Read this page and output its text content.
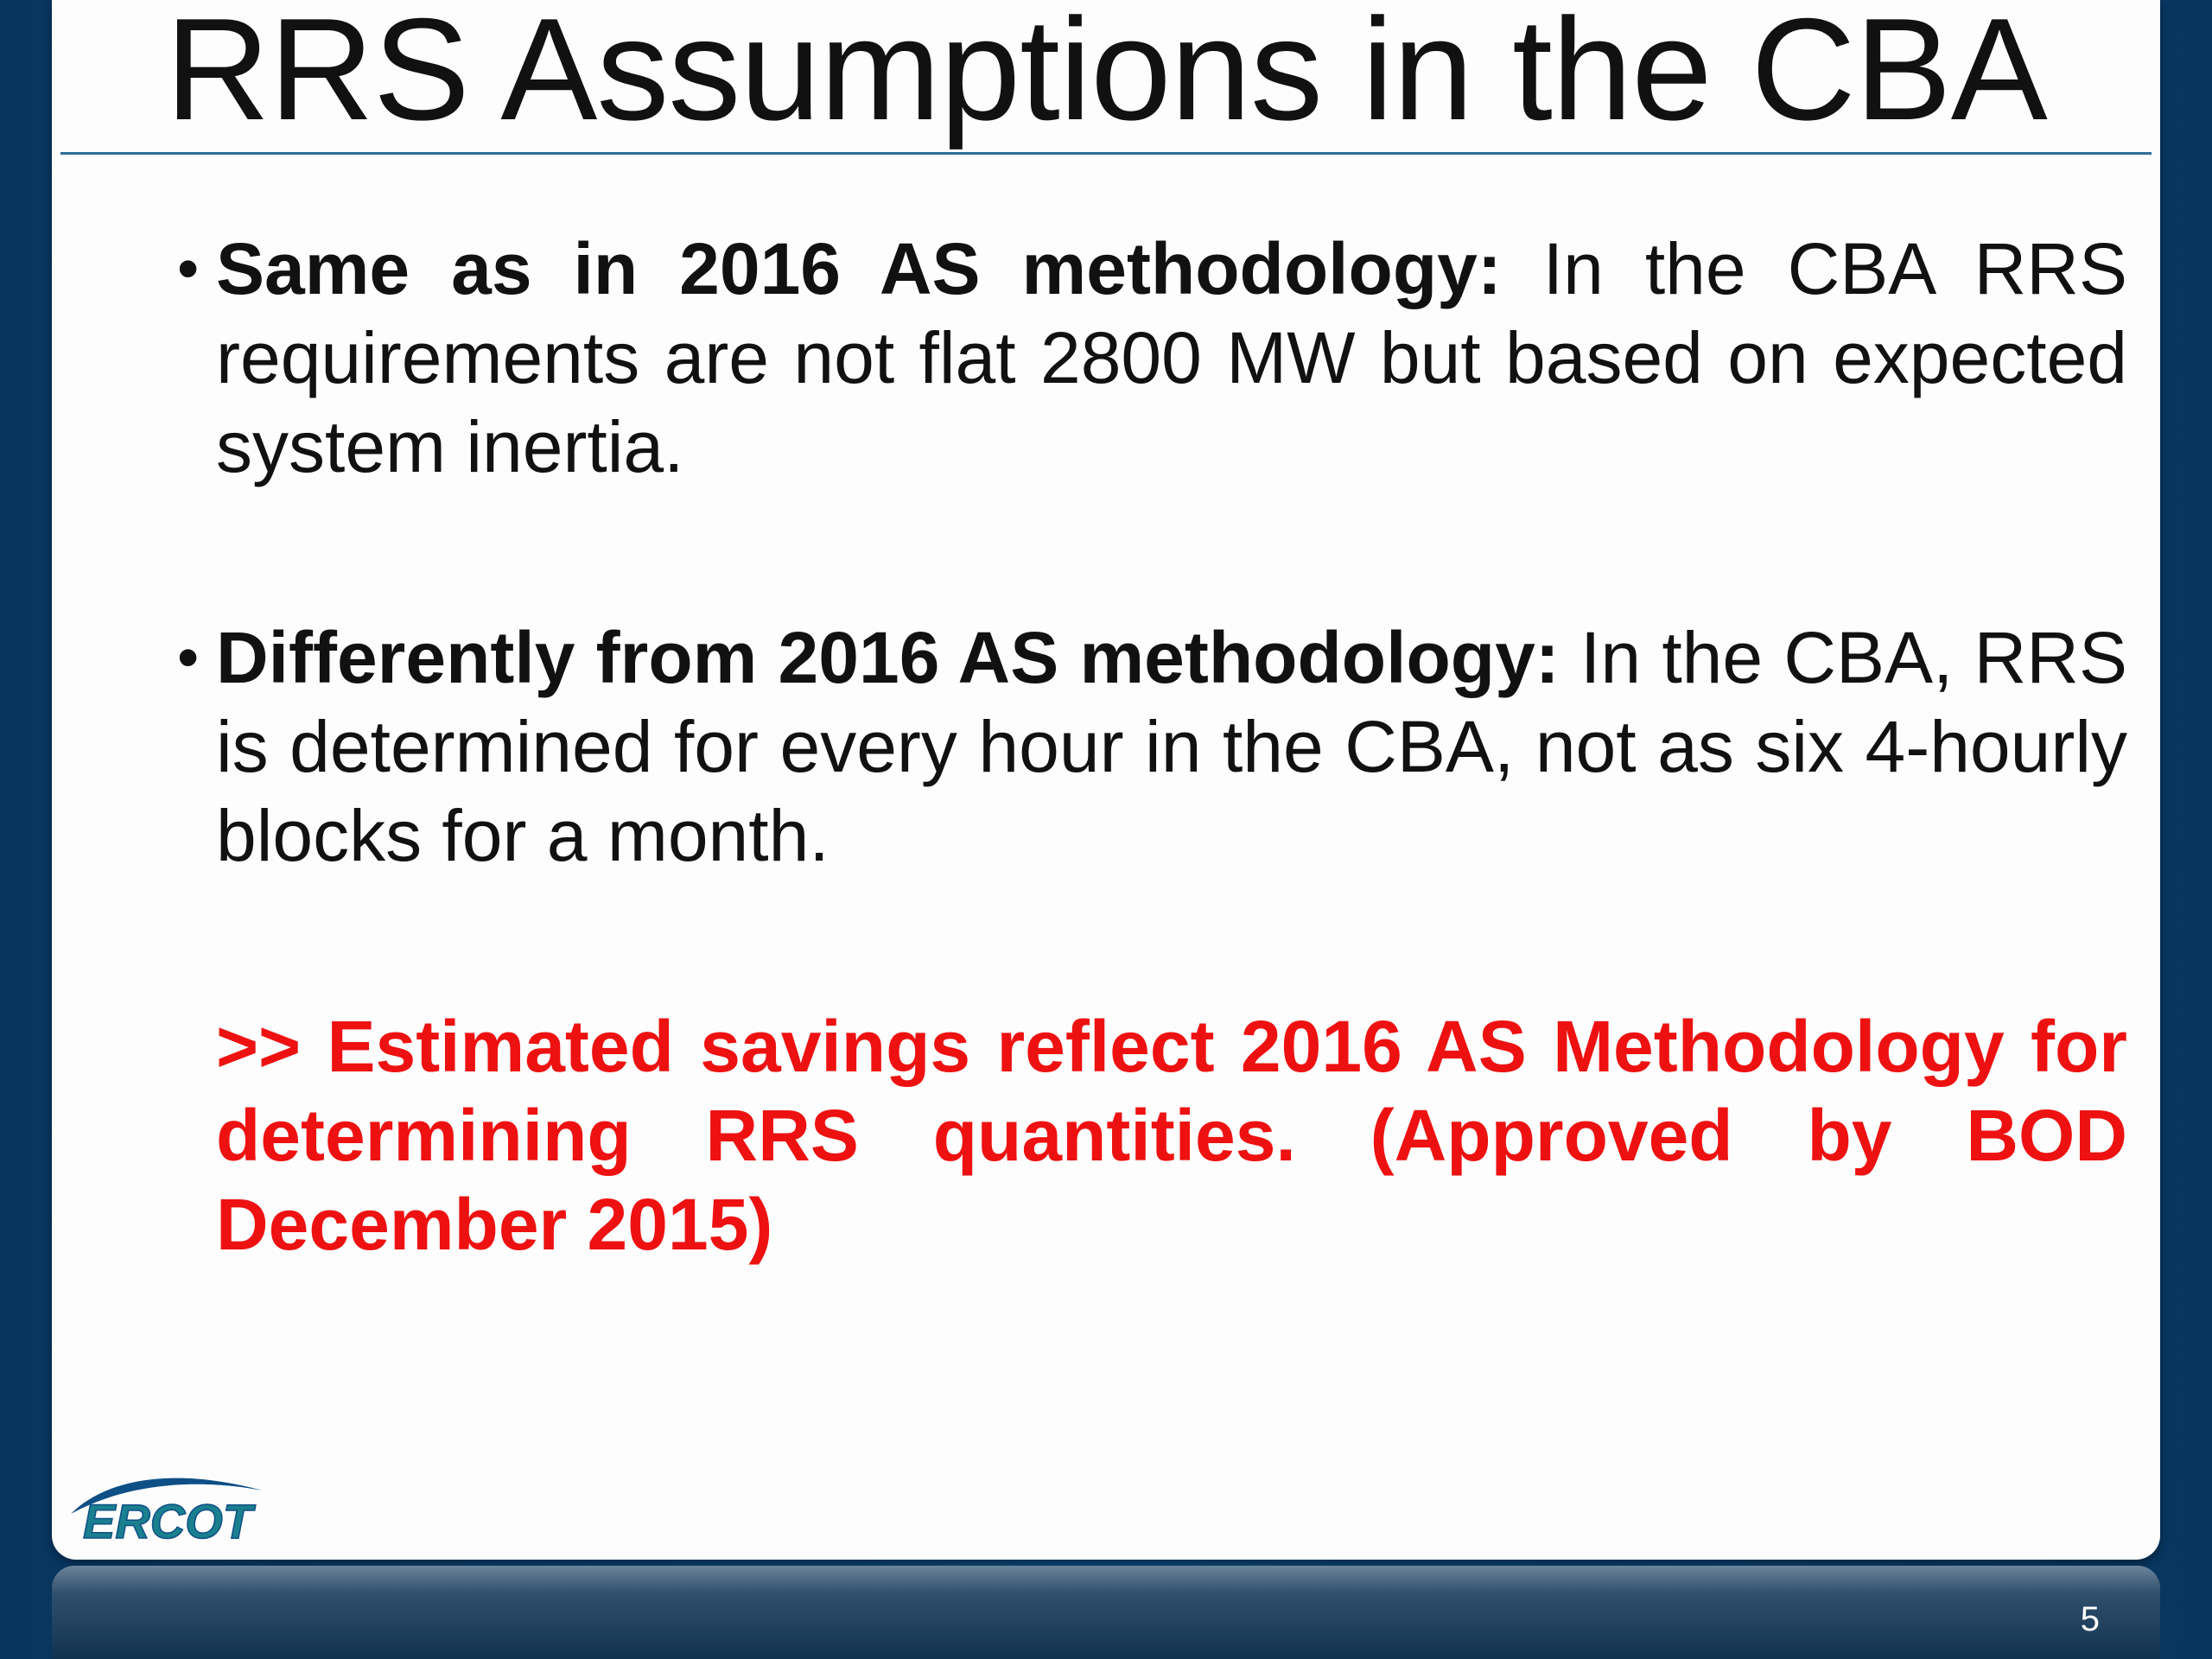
RRS Assumptions in the CBA
• Same as in 2016 AS methodology: In the CBA RRS requirements are not flat 2800 MW but based on expected system inertia.
• Differently from 2016 AS methodology: In the CBA, RRS is determined for every hour in the CBA, not as six 4-hourly blocks for a month.
>> Estimated savings reflect 2016 AS Methodology for determining RRS quantities. (Approved by BOD December 2015)
ERCOT
5
